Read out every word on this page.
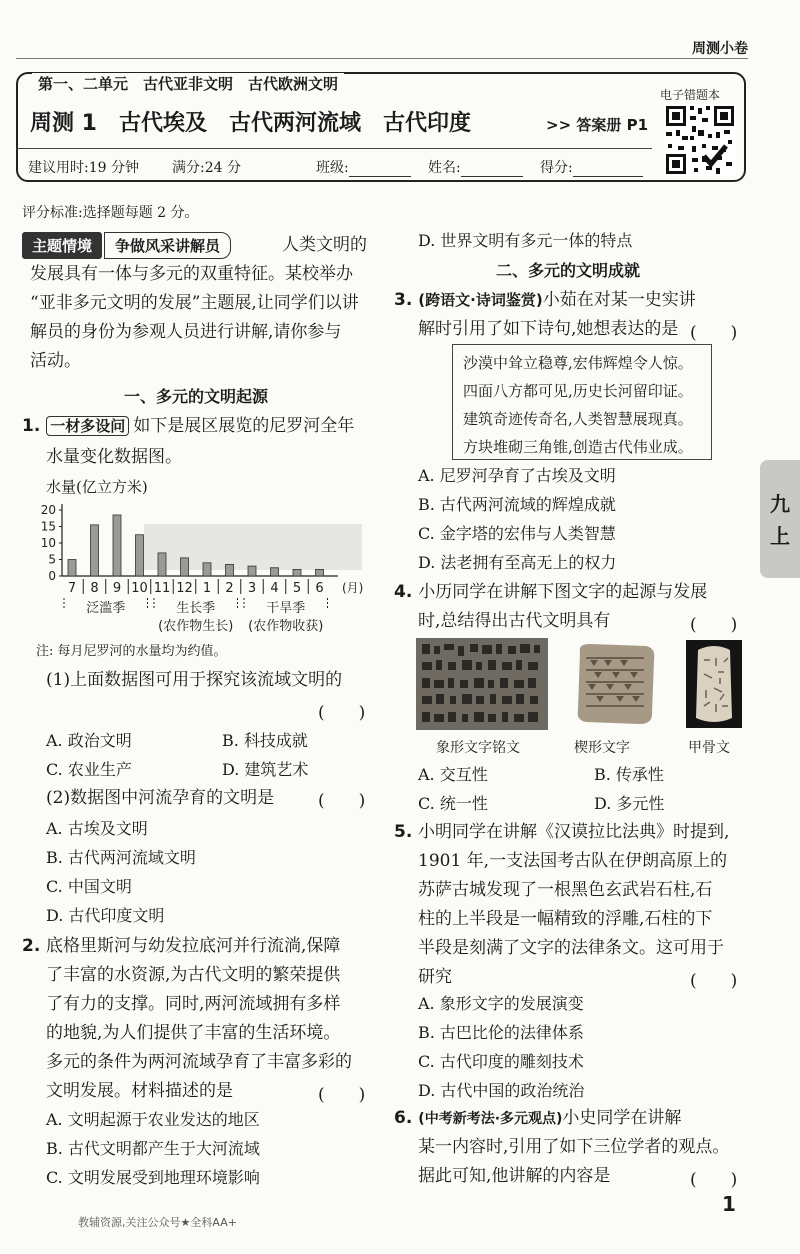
周测小卷
第一、二单元　古代亚非文明　古代欧洲文明
周测 1　古代埃及　古代两河流域　古代印度	>> 答案册 P1
建议用时:19 分钟 满分:24 分	班级:	姓名:	得分:
电子错题本
评分标准:选择题每题 2 分。
主题情境 争做风采讲解员	人类文明的
发展具有一体与多元的双重特征。某校举办
“亚非多元文明的发展”主题展,让同学们以讲
解员的身份为参观人员进行讲解,请你参与
活动。
一、多元的文明起源
1. 一材多设问 如下是展区展览的尼罗河全年
水量变化数据图。
水量(亿立方米)
0
5
10
15
20
7 8 9 10 11 12 1 2 3 4 5 6 (月)
泛滥季	生长季
(农作物生长)
干旱季
(农作物收获)
注: 每月尼罗河的水量均为约值。
(1)上面数据图可用于探究该流域文明的
(　　)
A. 政治文明	B. 科技成就
C. 农业生产	D. 建筑艺术
(2)数据图中河流孕育的文明是	(　　)
A. 古埃及文明
B. 古代两河流域文明
C. 中国文明
D. 古代印度文明
2. 底格里斯河与幼发拉底河并行流淌,保障
了丰富的水资源,为古代文明的繁荣提供
了有力的支撑。同时,两河流域拥有多样
的地貌,为人们提供了丰富的生活环境。
多元的条件为两河流域孕育了丰富多彩的
文明发展。材料描述的是	(　　)
A. 文明起源于农业发达的地区
B. 古代文明都产生于大河流域
C. 文明发展受到地理环境影响
D. 世界文明有多元一体的特点
二、多元的文明成就
3. (跨语文·诗词鉴赏)小茹在对某一史实讲
解时引用了如下诗句,她想表达的是 (　　)
沙漠中耸立稳尊,宏伟辉煌令人惊。
四面八方都可见,历史长河留印证。
建筑奇迹传奇名,人类智慧展现真。
方块堆砌三角锥,创造古代伟业成。
A. 尼罗河孕育了古埃及文明
B. 古代两河流域的辉煌成就
C. 金字塔的宏伟与人类智慧
D. 法老拥有至高无上的权力
4. 小历同学在讲解下图文字的起源与发展
时,总结得出古代文明具有	(　　)
象形文字铭文	楔形文字	甲骨文
A. 交互性	B. 传承性
C. 统一性	D. 多元性
5. 小明同学在讲解《汉谟拉比法典》时提到,
1901 年,一支法国考古队在伊朗高原上的
苏萨古城发现了一根黑色玄武岩石柱,石
柱的上半段是一幅精致的浮雕,石柱的下
半段是刻满了文字的法律条文。这可用于
研究	(　　)
A. 象形文字的发展演变
B. 古巴比伦的法律体系
C. 古代印度的雕刻技术
D. 古代中国的政治统治
6. (中考新考法·多元观点)小史同学在讲解
某一内容时,引用了如下三位学者的观点。
据此可知,他讲解的内容是	(　　)
九
上
教辅资源,关注公众号★全科AA+
1
